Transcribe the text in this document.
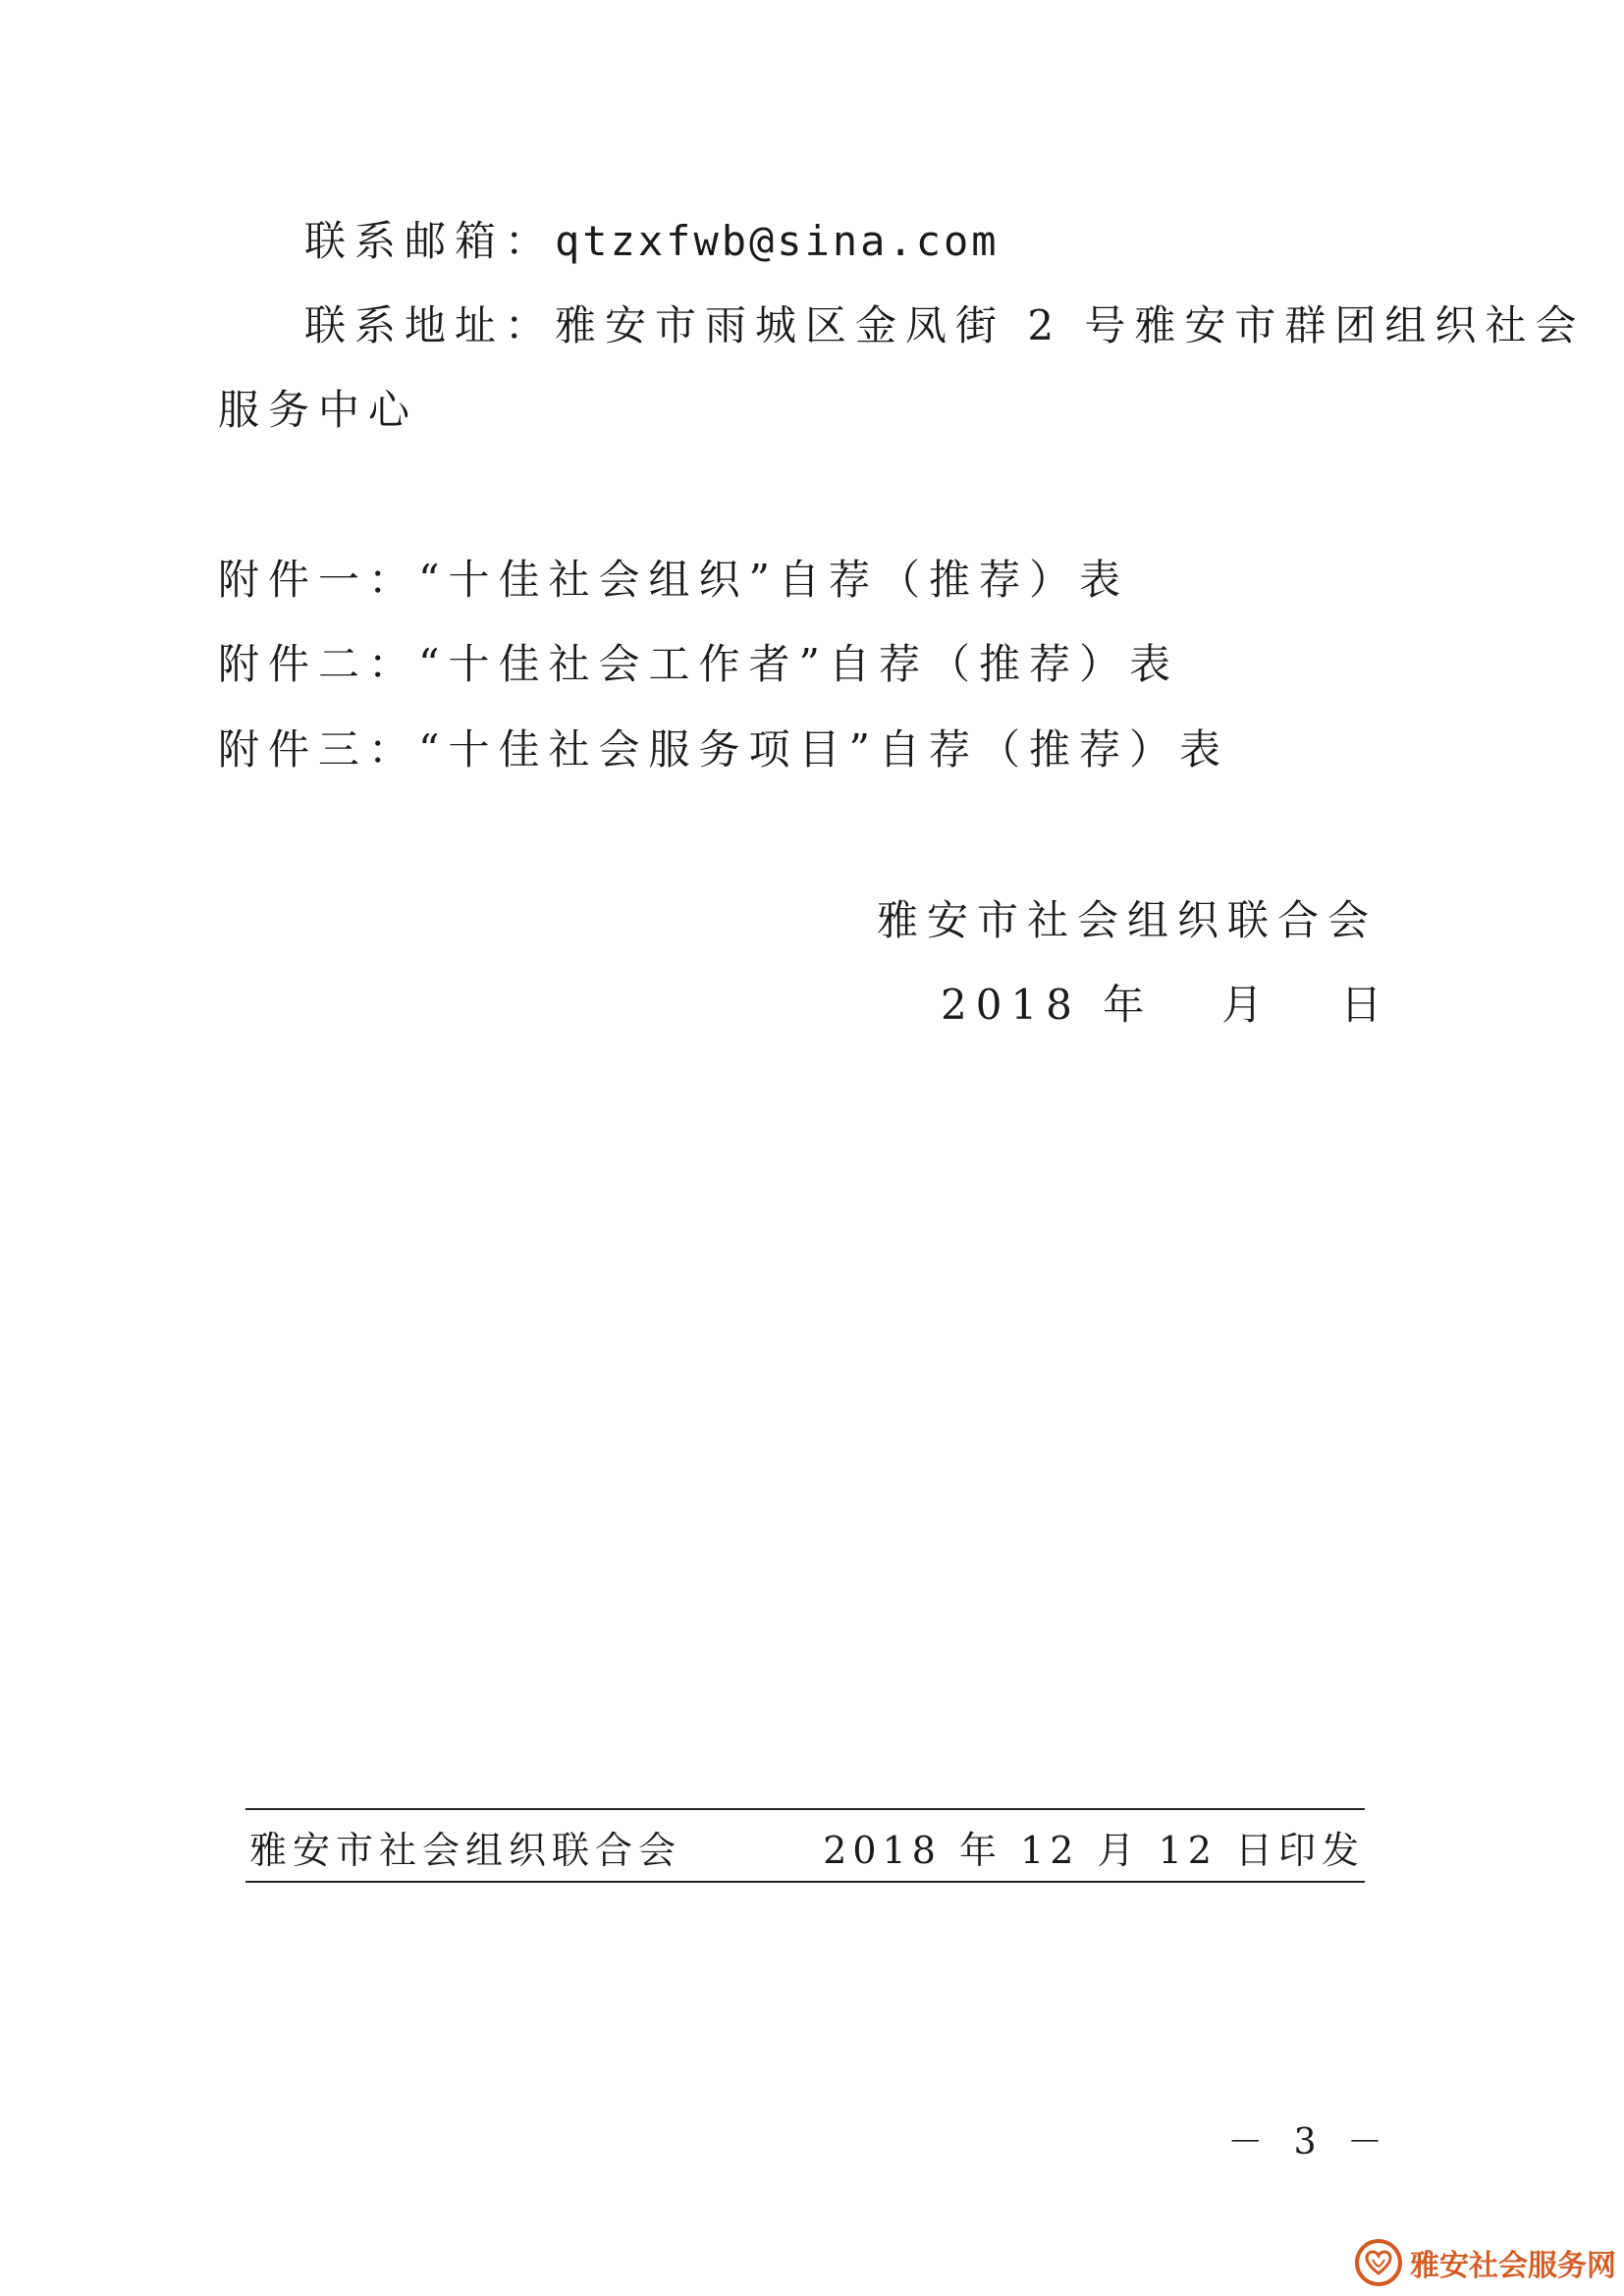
联系邮箱：qtzxfwb@sina.com
联系地址：雅安市雨城区金凤街 2 号雅安市群团组织社会
服务中心
附件一：“十佳社会组织”自荐（推荐）表
附件二：“十佳社会工作者”自荐（推荐）表
附件三：“十佳社会服务项目”自荐（推荐）表
雅安市社会组织联合会
2018 年 月 日
雅安市社会组织联合会	2018 年 12 月 12 日印发
－ 3 －
雅安社会服务网
